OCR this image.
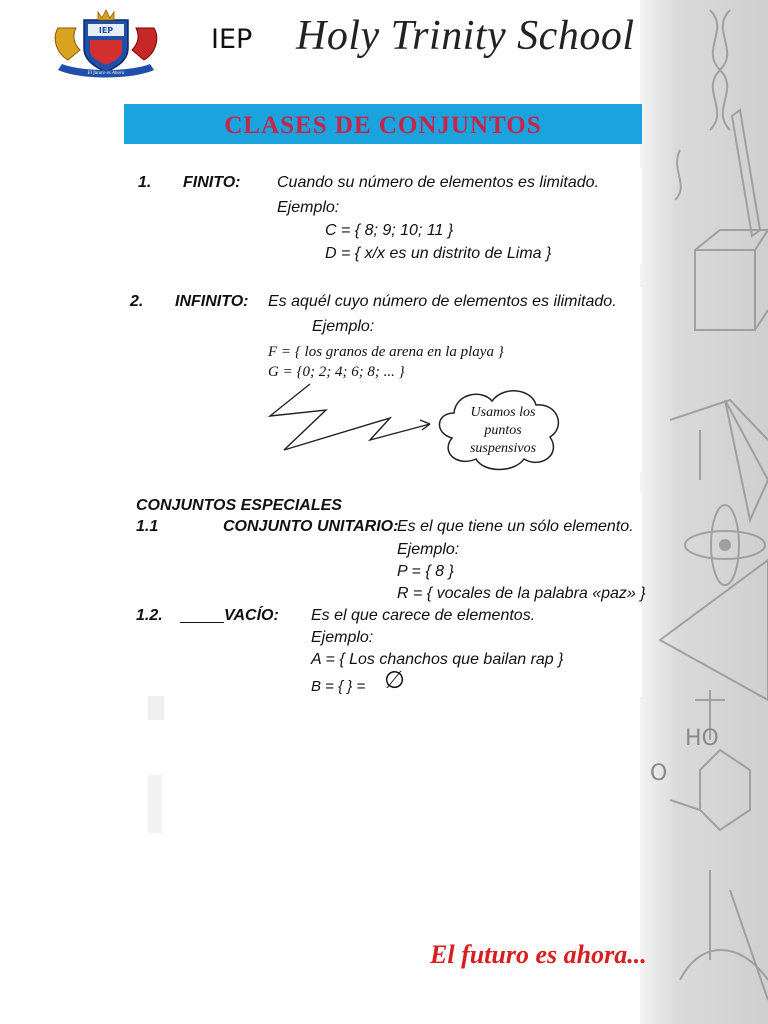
HO
O
IEP
El futuro es Ahora
IEP Holy Trinity School
CLASES DE CONJUNTOS
1. FINITO: Cuando su número de elementos es limitado.
Ejemplo:
C = { 8; 9; 10; 11 }
D = { x/x es un distrito de Lima }
2. INFINITO: Es aquél cuyo número de elementos es ilimitado.
Ejemplo:
F = { los granos de arena en la playa }
G = {0; 2; 4; 6; 8; ... }
Usamos los
puntos
suspensivos
CONJUNTOS ESPECIALES
1.1	CONJUNTO UNITARIO:
Es el que tiene un sólo elemento.
Ejemplo:
P = { 8 }
R = { vocales de la palabra «paz» }
1.2.	VACÍO: Es el que carece de elementos.
Ejemplo:
A = { Los chanchos que bailan rap }
B = { } = ∅
El futuro es ahora...
